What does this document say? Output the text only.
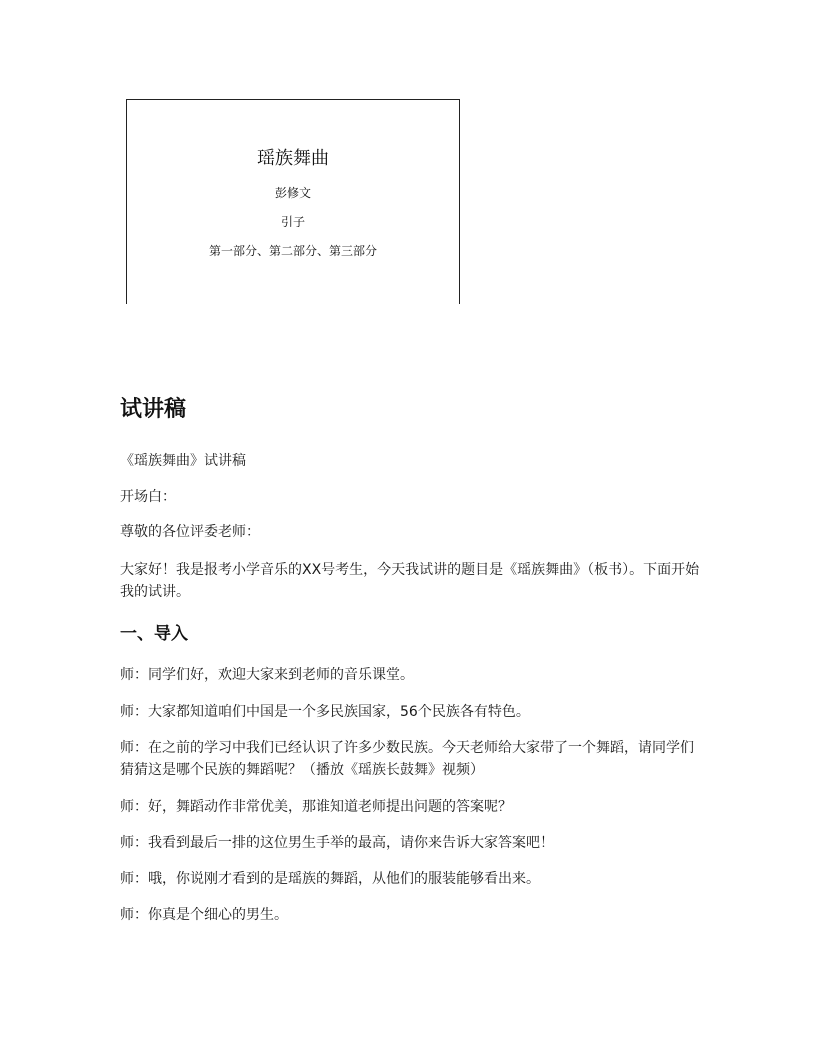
瑶族舞曲
彭修文
引子
第一部分、第二部分、第三部分
试讲稿
《瑶族舞曲》试讲稿
开场白：
尊敬的各位评委老师：
大家好！我是报考小学音乐的XX号考生，今天我试讲的题目是《瑶族舞曲》（板书）。下面开始我的试讲。
一、导入
师：同学们好，欢迎大家来到老师的音乐课堂。
师：大家都知道咱们中国是一个多民族国家，56个民族各有特色。
师：在之前的学习中我们已经认识了许多少数民族。今天老师给大家带了一个舞蹈，请同学们猜猜这是哪个民族的舞蹈呢？（播放《瑶族长鼓舞》视频）
师：好，舞蹈动作非常优美，那谁知道老师提出问题的答案呢？
师：我看到最后一排的这位男生手举的最高，请你来告诉大家答案吧！
师：哦，你说刚才看到的是瑶族的舞蹈，从他们的服装能够看出来。
师：你真是个细心的男生。
